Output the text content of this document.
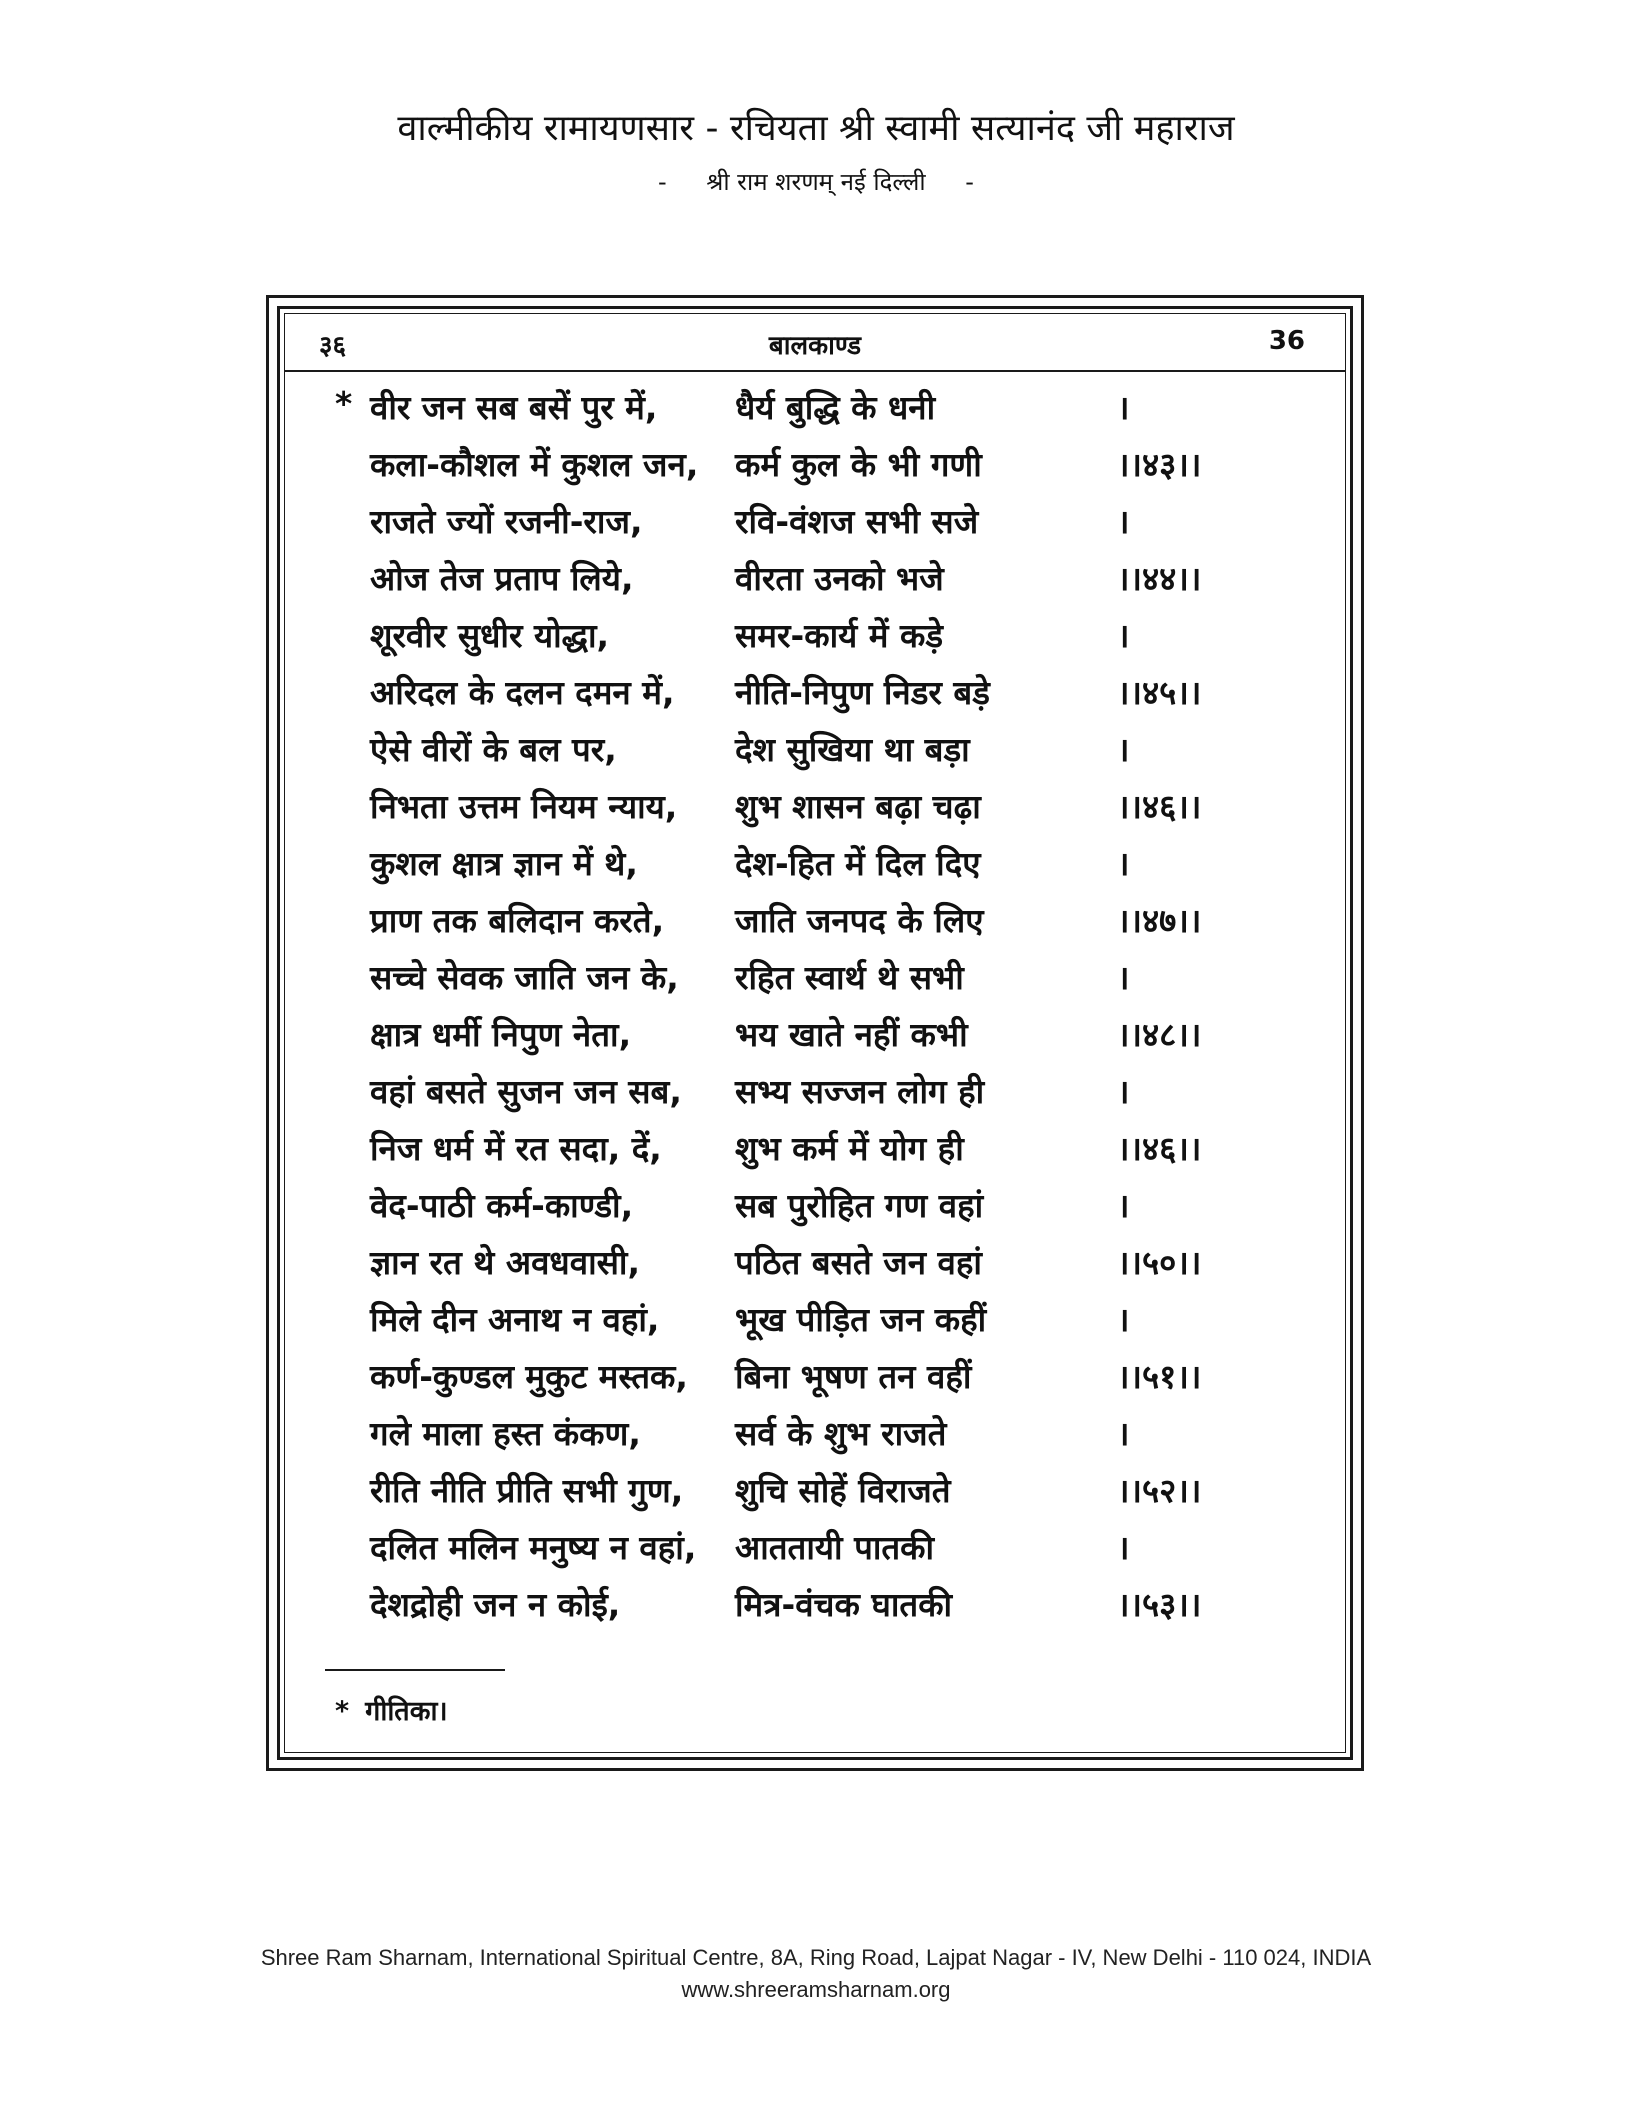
वाल्मीकीय रामायणसार - रचियता श्री स्वामी सत्यानंद जी महाराज
- श्री राम शरणम् नई दिल्ली -
३६	बालकाण्ड	36
* वीर जन सब बसें पुर में,	धैर्य बुद्धि के धनी	।
कला-कौशल में कुशल जन,	कर्म कुल के भी गणी	।।४३।।
राजते ज्यों रजनी-राज,	रवि-वंशज सभी सजे	।
ओज तेज प्रताप लिये,	वीरता उनको भजे	।।४४।।
शूरवीर सुधीर योद्धा,	समर-कार्य में कड़े	।
अरिदल के दलन दमन में,	नीति-निपुण निडर बड़े	।।४५।।
ऐसे वीरों के बल पर,	देश सुखिया था बड़ा	।
निभता उत्तम नियम न्याय,	शुभ शासन बढ़ा चढ़ा	।।४६।।
कुशल क्षात्र ज्ञान में थे,	देश-हित में दिल दिए	।
प्राण तक बलिदान करते,	जाति जनपद के लिए	।।४७।।
सच्चे सेवक जाति जन के,	रहित स्वार्थ थे सभी	।
क्षात्र धर्मी निपुण नेता,	भय खाते नहीं कभी	।।४८।।
वहां बसते सुजन जन सब,	सभ्य सज्जन लोग ही	।
निज धर्म में रत सदा, दें,	शुभ कर्म में योग ही	।।४६।।
वेद-पाठी कर्म-काण्डी,	सब पुरोहित गण वहां	।
ज्ञान रत थे अवधवासी,	पठित बसते जन वहां	।।५०।।
मिले दीन अनाथ न वहां,	भूख पीड़ित जन कहीं	।
कर्ण-कुण्डल मुकुट मस्तक,	बिना भूषण तन वहीं	।।५१।।
गले माला हस्त कंकण,	सर्व के शुभ राजते	।
रीति नीति प्रीति सभी गुण,	शुचि सोहें विराजते	।।५२।।
दलित मलिन मनुष्य न वहां,	आततायी पातकी	।
देशद्रोही जन न कोई,	मित्र-वंचक घातकी	।।५३।।
* गीतिका।
Shree Ram Sharnam, International Spiritual Centre, 8A, Ring Road, Lajpat Nagar - IV, New Delhi - 110 024, INDIA
www.shreeramsharnam.org
